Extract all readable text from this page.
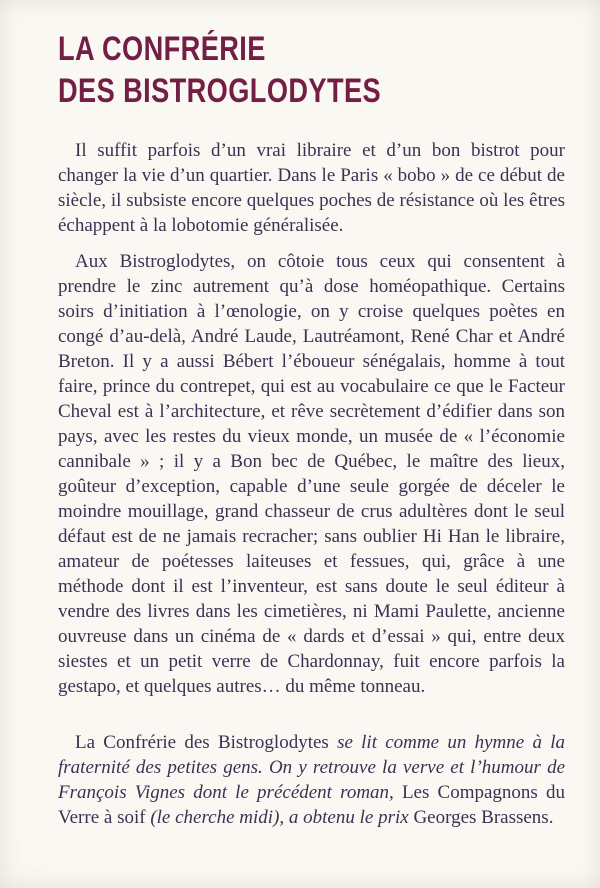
LA CONFRÉRIE
DES BISTROGLODYTES

Il suffit parfois d’un vrai libraire et d’un bon bistrot pour changer la vie d’un quartier. Dans le Paris « bobo » de ce début de siècle, il subsiste encore quelques poches de résistance où les êtres échappent à la lobotomie généralisée.

Aux Bistroglodytes, on côtoie tous ceux qui consentent à prendre le zinc autrement qu’à dose homéopathique. Certains soirs d’initiation à l’œnologie, on y croise quelques poètes en congé d’au-delà, André Laude, Lautréamont, René Char et André Breton. Il y a aussi Bébert l’éboueur sénégalais, homme à tout faire, prince du contrepet, qui est au vocabulaire ce que le Facteur Cheval est à l’architecture, et rêve secrètement d’édifier dans son pays, avec les restes du vieux monde, un musée de « l’économie cannibale » ; il y a Bon bec de Québec, le maître des lieux, goûteur d’exception, capable d’une seule gorgée de déceler le moindre mouillage, grand chasseur de crus adultères dont le seul défaut est de ne jamais recracher; sans oublier Hi Han le libraire, amateur de poétesses laiteuses et fessues, qui, grâce à une méthode dont il est l’inventeur, est sans doute le seul éditeur à vendre des livres dans les cimetières, ni Mami Paulette, ancienne ouvreuse dans un cinéma de « dards et d’essai » qui, entre deux siestes et un petit verre de Chardonnay, fuit encore parfois la gestapo, et quelques autres… du même tonneau.

La Confrérie des Bistroglodytes se lit comme un hymne à la fraternité des petites gens. On y retrouve la verve et l’humour de François Vignes dont le précédent roman, Les Compagnons du Verre à soif (le cherche midi), a obtenu le prix Georges Brassens.
